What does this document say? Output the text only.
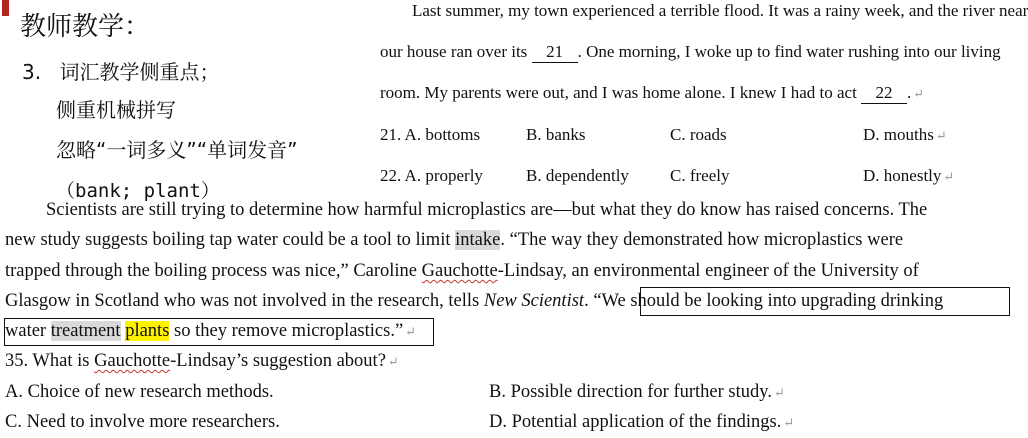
教师教学：
3. 词汇教学侧重点；
侧重机械拼写
忽略“一词多义”“单词发音”
（bank; plant）
Last summer, my town experienced a terrible flood. It was a rainy week, and the river near
our house ran over its 21 . One morning, I woke up to find water rushing into our living
room. My parents were out, and I was home alone. I knew I had to act 22 . ↵
21. A. bottoms	B. banks	C. roads	D. mouths ↵
22. A. properly	B. dependently C. freely	D. honestly ↵
Scientists are still trying to determine how harmful microplastics are—but what they do know has raised concerns. The
new study suggests boiling tap water could be a tool to limit intake. “The way they demonstrated how microplastics were
trapped through the boiling process was nice,” Caroline Gauchotte-Lindsay, an environmental engineer of the University of
Glasgow in Scotland who was not involved in the research, tells New Scientist. “We should be looking into upgrading drinking
water treatment plants so they remove microplastics.” ↵
35. What is Gauchotte-Lindsay’s suggestion about? ↵
A. Choice of new research methods.	B. Possible direction for further study. ↵
C. Need to involve more researchers.	D. Potential application of the findings. ↵
